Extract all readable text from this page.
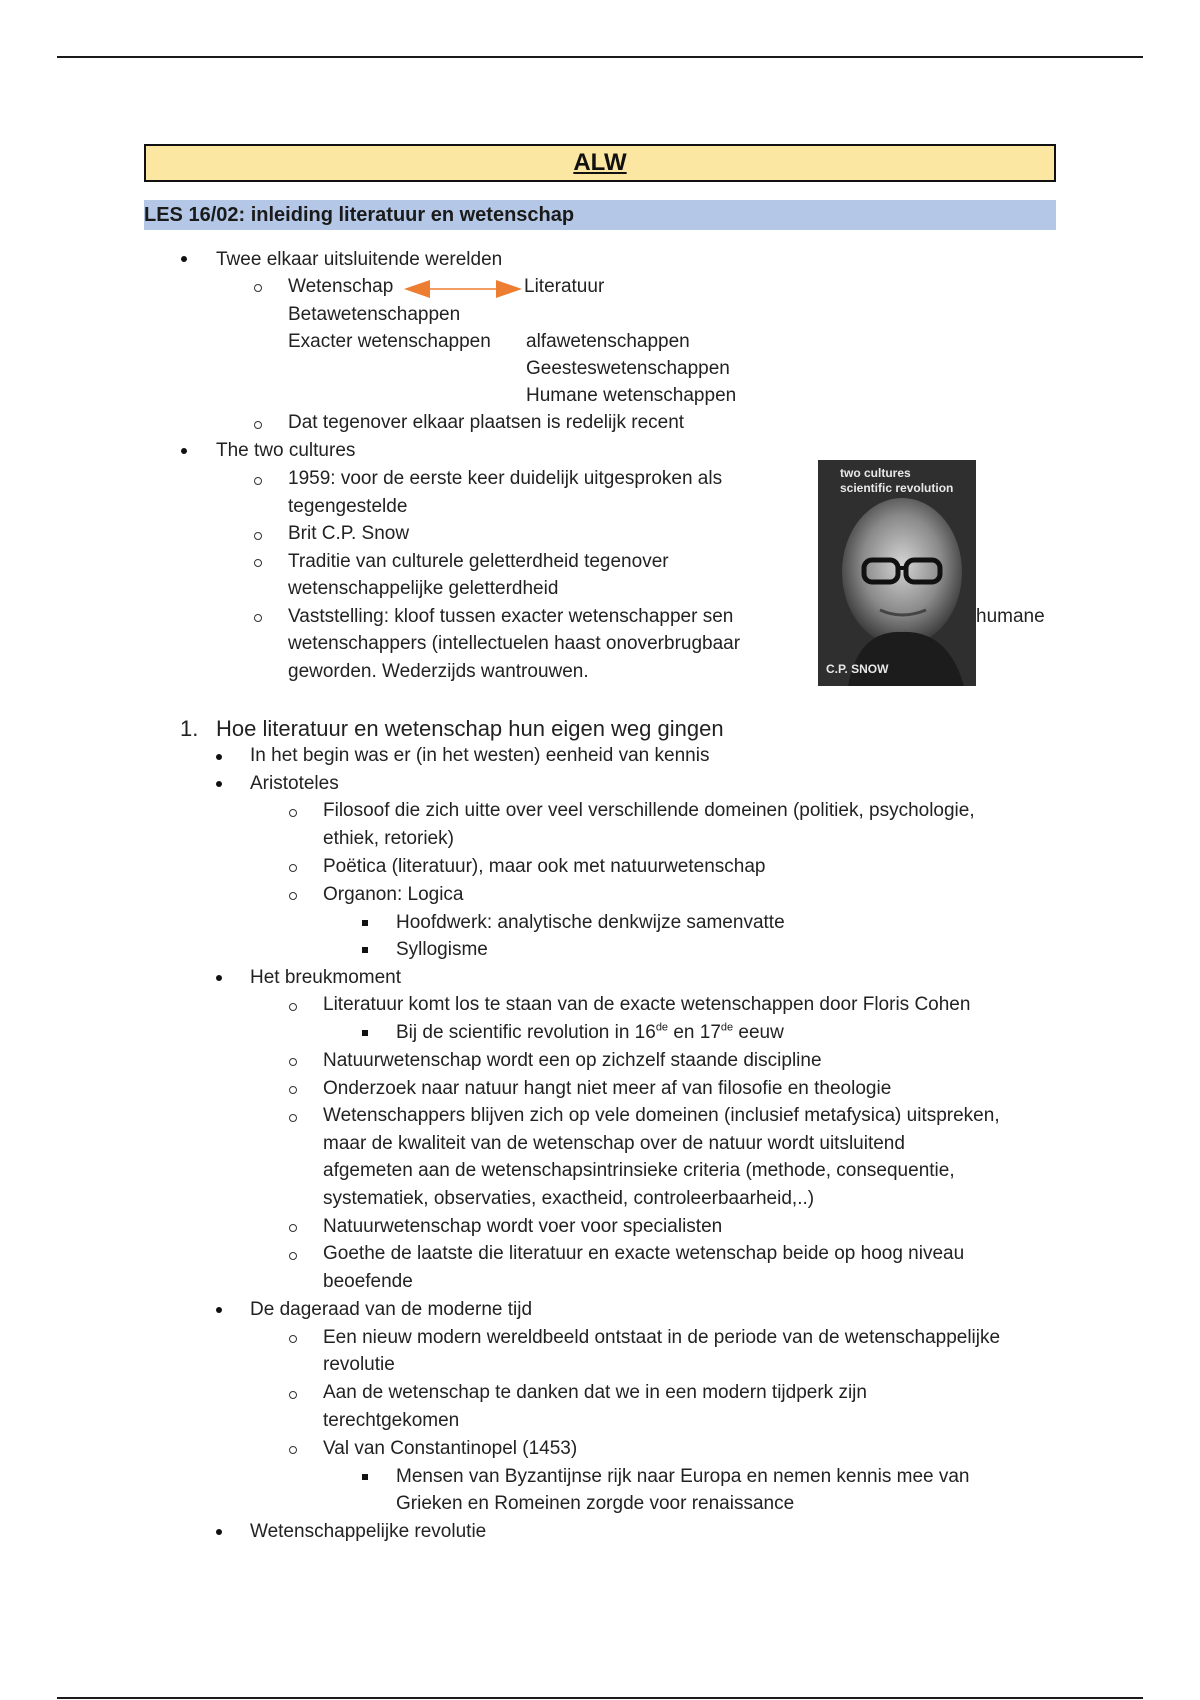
ALW
LES 16/02: inleiding literatuur en wetenschap
Twee elkaar uitsluitende werelden
Wetenschap	Literatuur
Betawetenschappen
Exacter wetenschappen alfawetenschappen
Geesteswetenschappen
Humane wetenschappen
Dat tegenover elkaar plaatsen is redelijk recent
The two cultures
1959: voor de eerste keer duidelijk uitgesproken als
tegengestelde
Brit C.P. Snow
Traditie van culturele geletterdheid tegenover
wetenschappelijke geletterdheid
Vaststelling: kloof tussen exacter wetenschapper sen	humane
wetenschappers (intellectuelen haast onoverbrugbaar
geworden. Wederzijds wantrouwen.
two cultures
scientific revolution
C.P. SNOW
1. Hoe literatuur en wetenschap hun eigen weg gingen
In het begin was er (in het westen) eenheid van kennis
Aristoteles
Filosoof die zich uitte over veel verschillende domeinen (politiek, psychologie,
ethiek, retoriek)
Poëtica (literatuur), maar ook met natuurwetenschap
Organon: Logica
Hoofdwerk: analytische denkwijze samenvatte
Syllogisme
Het breukmoment
Literatuur komt los te staan van de exacte wetenschappen door Floris Cohen
Bij de scientific revolution in 16de en 17de eeuw
Natuurwetenschap wordt een op zichzelf staande discipline
Onderzoek naar natuur hangt niet meer af van filosofie en theologie
Wetenschappers blijven zich op vele domeinen (inclusief metafysica) uitspreken,
maar de kwaliteit van de wetenschap over de natuur wordt uitsluitend
afgemeten aan de wetenschapsintrinsieke criteria (methode, consequentie,
systematiek, observaties, exactheid, controleerbaarheid,..)
Natuurwetenschap wordt voer voor specialisten
Goethe de laatste die literatuur en exacte wetenschap beide op hoog niveau
beoefende
De dageraad van de moderne tijd
Een nieuw modern wereldbeeld ontstaat in de periode van de wetenschappelijke
revolutie
Aan de wetenschap te danken dat we in een modern tijdperk zijn
terechtgekomen
Val van Constantinopel (1453)
Mensen van Byzantijnse rijk naar Europa en nemen kennis mee van
Grieken en Romeinen zorgde voor renaissance
Wetenschappelijke revolutie
